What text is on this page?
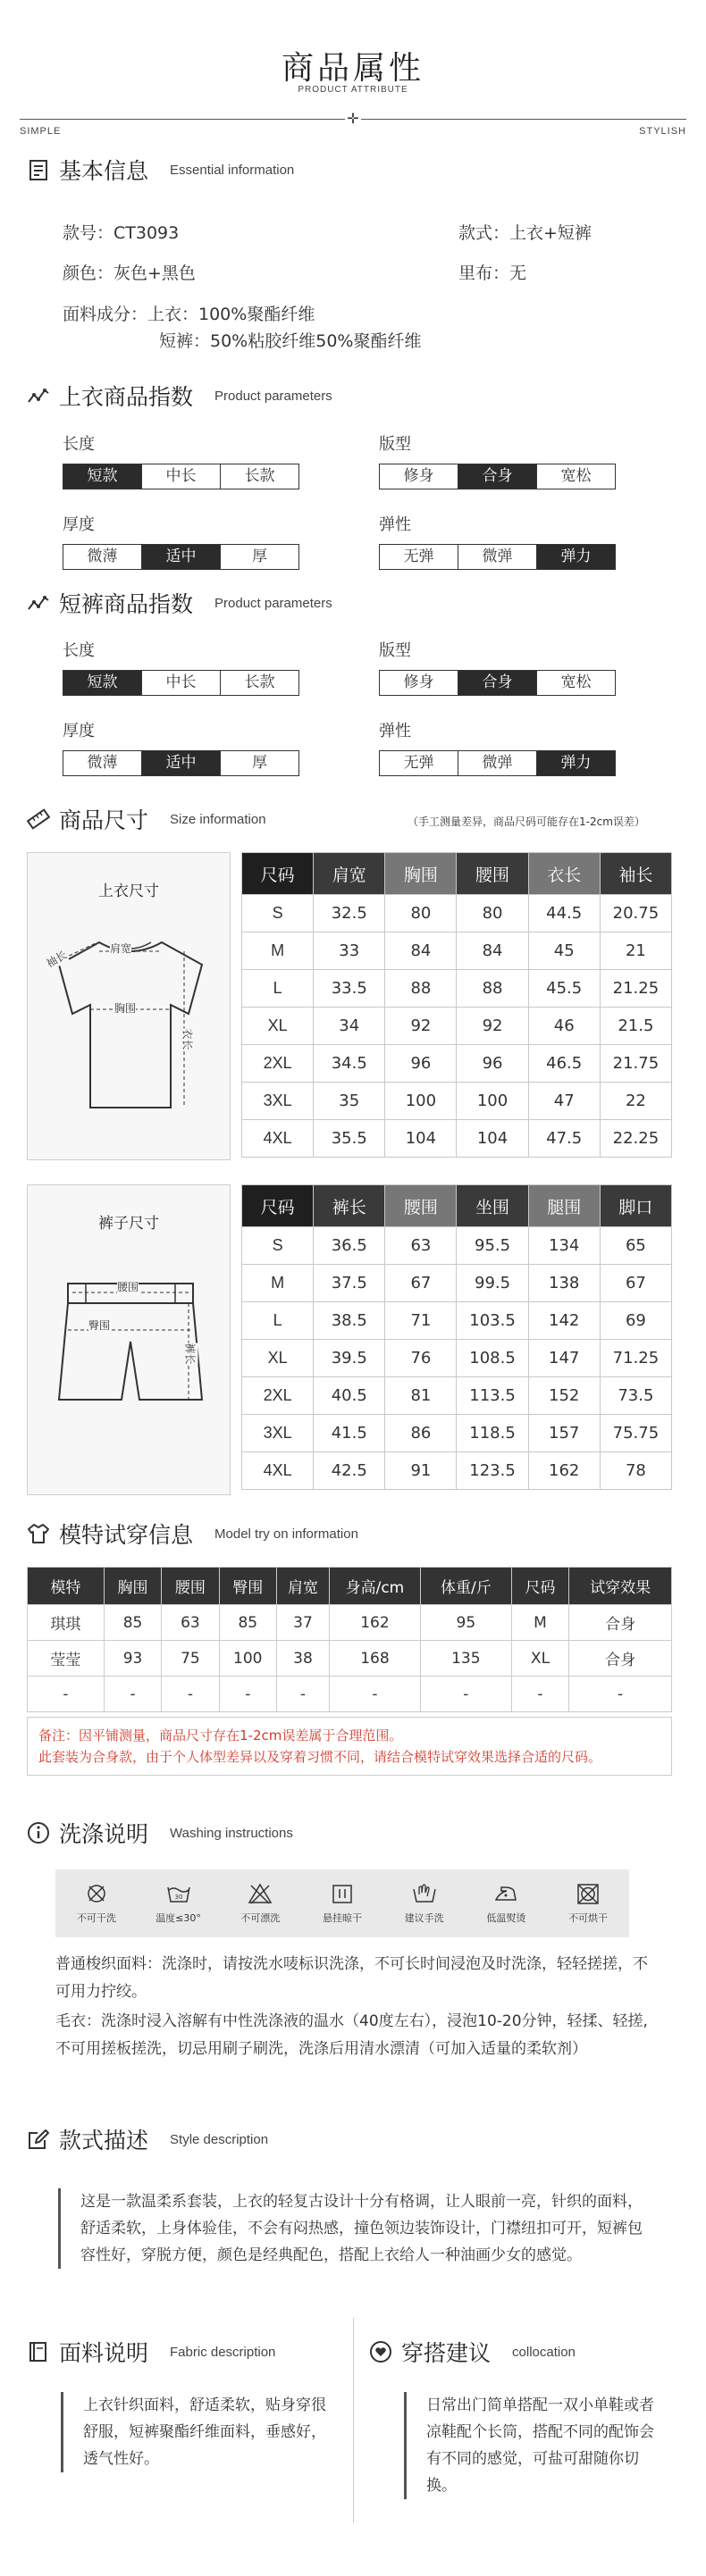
商品属性
PRODUCT ATTRIBUTE
✛
SIMPLE	STYLISH
基本信息 Essential information
款号：CT3093	款式：上衣+短裤
颜色：灰色+黑色	里布：无
面料成分：上衣：100%聚酯纤维
短裤：50%粘胶纤维50%聚酯纤维
上衣商品指数 Product parameters
长度
短款	中长	长款
版型
修身	合身	宽松
厚度
微薄	适中	厚
弹性
无弹	微弹	弹力
短裤商品指数 Product parameters
长度
短款	中长	长款
版型
修身	合身	宽松
厚度
微薄	适中	厚
弹性
无弹	微弹	弹力
商品尺寸 Size information	（手工测量差异，商品尺码可能存在1-2cm误差）
上衣尺寸
肩宽
袖长
胸围
衣长
尺码	肩宽	胸围	腰围	衣长	袖长
S	32.5	80	80	44.5	20.75
M	33	84	84	45	21
L	33.5	88	88	45.5	21.25
XL	34	92	92	46	21.5
2XL	34.5	96	96	46.5	21.75
3XL	35	100	100	47	22
4XL	35.5	104	104	47.5	22.25
裤子尺寸
腰围
臀围
裤长
尺码	裤长	腰围	坐围	腿围	脚口
S	36.5	63	95.5	134	65
M	37.5	67	99.5	138	67
L	38.5	71	103.5	142	69
XL	39.5	76	108.5	147	71.25
2XL	40.5	81	113.5	152	73.5
3XL	41.5	86	118.5	157	75.75
4XL	42.5	91	123.5	162	78
模特试穿信息 Model try on information
模特	胸围	腰围	臀围	肩宽	身高/cm	体重/斤	尺码	试穿效果
琪琪	85	63	85	37	162	95	M	合身
莹莹	93	75	100	38	168	135	XL	合身
-	-	-	-	-	-	-	-	-
备注：因平铺测量，商品尺寸存在1-2cm误差属于合理范围。
此套装为合身款，由于个人体型差异以及穿着习惯不同，请结合模特试穿效果选择合适的尺码。
洗涤说明 Washing instructions
不可干洗
30
温度≤30°	不可漂洗	悬挂晾干	建议手洗	低温熨烫	不可烘干
普通梭织面料：洗涤时，请按洗水唛标识洗涤，不可长时间浸泡及时洗涤，轻轻搓搓，不可用力拧绞。
毛衣：洗涤时浸入溶解有中性洗涤液的温水（40度左右），浸泡10-20分钟，轻揉、轻搓,不可用搓板搓洗，切忌用刷子刷洗，洗涤后用清水漂清（可加入适量的柔软剂）
款式描述 Style description
这是一款温柔系套装，上衣的轻复古设计十分有格调，让人眼前一亮，针织的面料，舒适柔软，上身体验佳，不会有闷热感，撞色领边装饰设计，门襟纽扣可开，短裤包容性好，穿脱方便，颜色是经典配色，搭配上衣给人一种油画少女的感觉。
面料说明 Fabric description
上衣针织面料，舒适柔软，贴身穿很舒服，短裤聚酯纤维面料，垂感好，透气性好。
穿搭建议 collocation
日常出门简单搭配一双小单鞋或者凉鞋配个长筒，搭配不同的配饰会有不同的感觉，可盐可甜随你切换。
